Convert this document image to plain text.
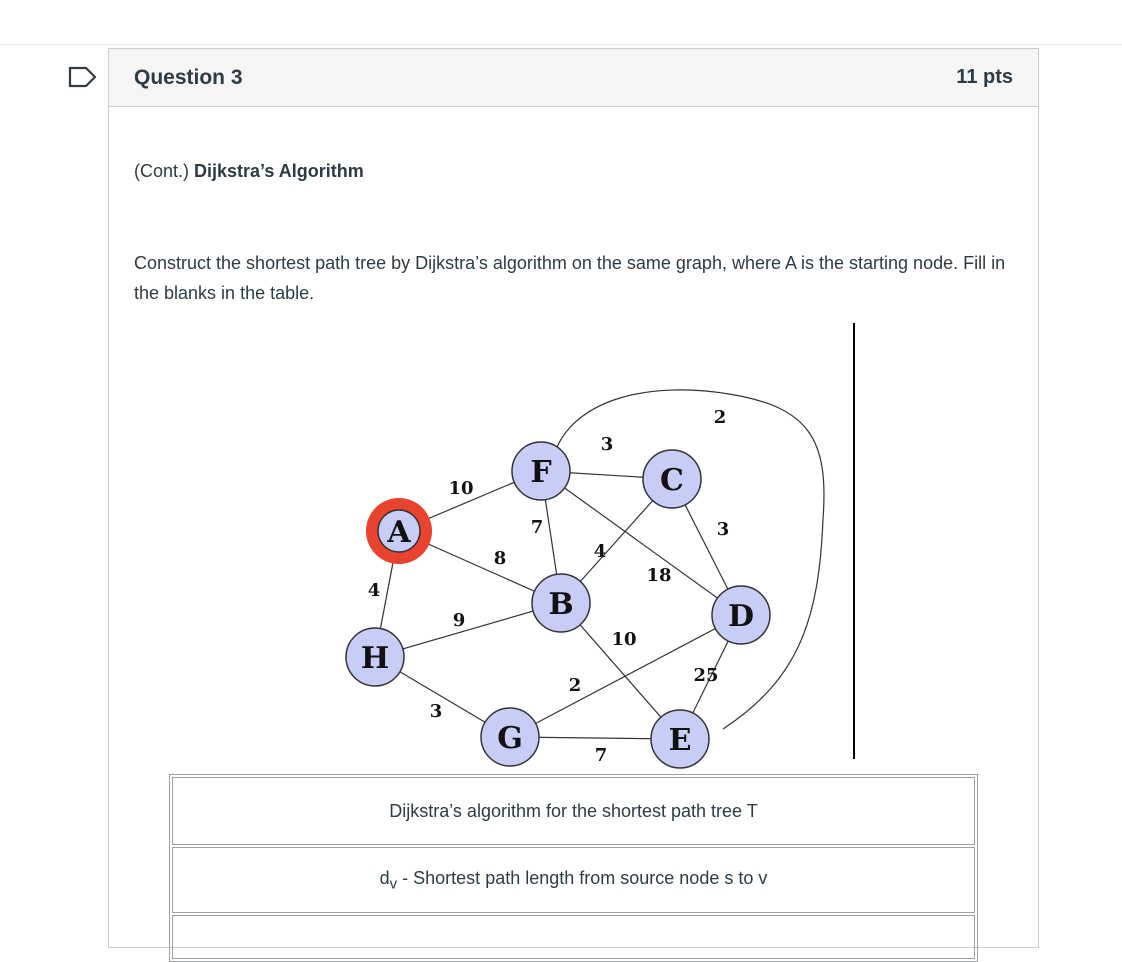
Question 3	11 pts
(Cont.) Dijkstra’s Algorithm
Construct the shortest path tree by Dijkstra’s algorithm on the same graph, where A is the starting node. Fill in the blanks in the table.
10
8
4
3
7
18
2
4
3
9
3
10
2
7
25
A
F	C
B	D
H
G	E
Dijkstra’s algorithm for the shortest path tree T
$d_v$ - Shortest path length from source node s to v
